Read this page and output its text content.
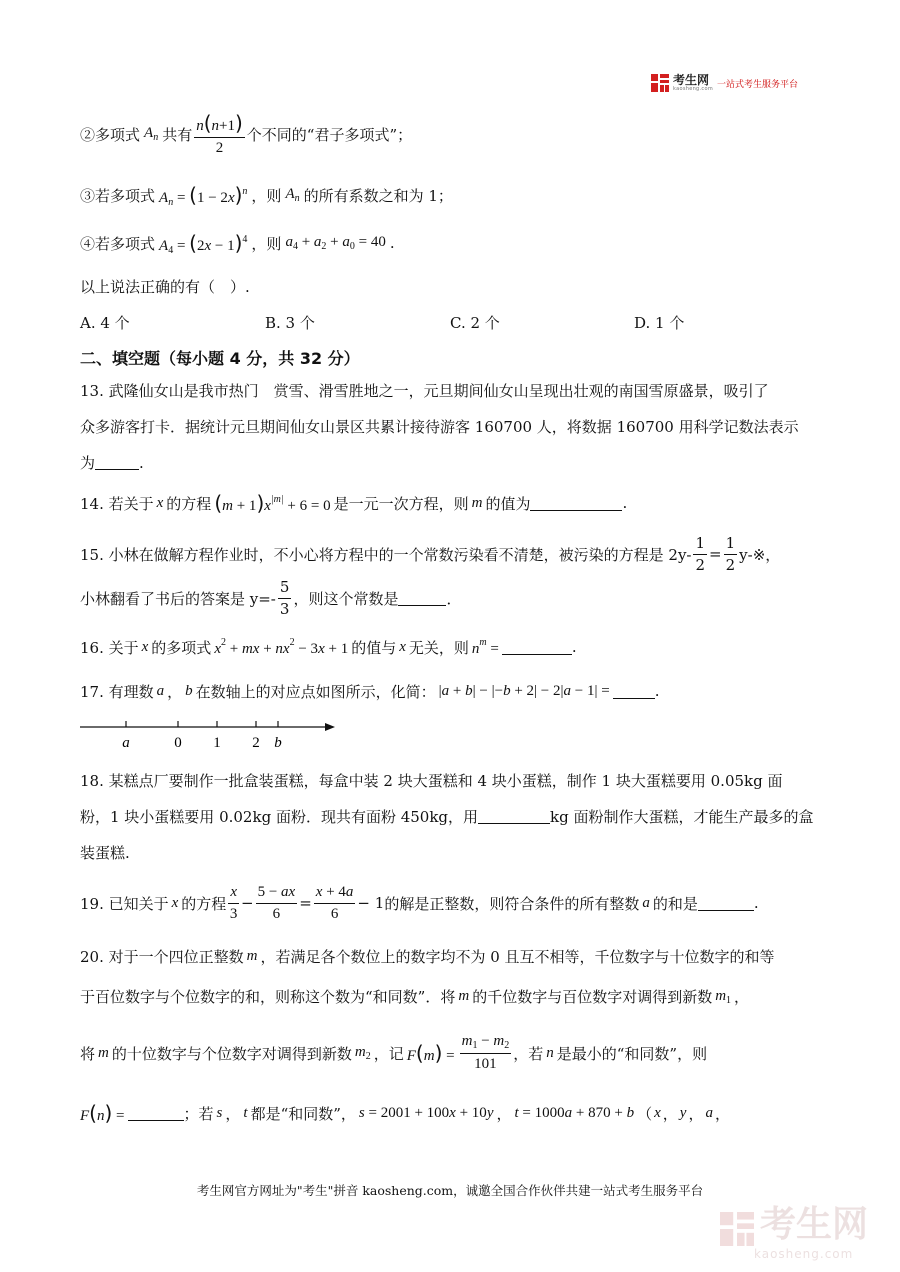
考生网
kaosheng.com 一站式考生服务平台
②多项式 $A_n$ 共有 $\frac{n(n+1)}{2}$ 个不同的“君子多项式”；
③若多项式 $A_n = (1 - 2x)^n$ ，则 $A_n$ 的所有系数之和为 1；
④若多项式 $A_4 = (2x - 1)^4$ ，则 $a_4 + a_2 + a_0 = 40$ .
以上说法正确的有（　）.
A. 4 个	B. 3 个	C. 2 个	D. 1 个
二、填空题（每小题 4 分，共 32 分）
13. 武隆仙女山是我市热门　赏雪、滑雪胜地之一，元旦期间仙女山呈现出壮观的南国雪原盛景，吸引了
众多游客打卡．据统计元旦期间仙女山景区共累计接待游客 160700 人，将数据 160700 用科学记数法表示
为	.
14. 若关于 x 的方程 $(m + 1)x^{|m|} + 6 = 0$ 是一元一次方程，则 m 的值为	.
15. 小林在做解方程作业时，不小心将方程中的一个常数污染看不清楚，被污染的方程是 $2y- \frac{1}{2} = \frac{1}{2}$ y-※，
小林翻看了书后的答案是 $y=- \frac{5}{3}$ ，则这个常数是	．
16. 关于 x 的多项式 $x^2$ + mx + $nx^2 - 3x + 1$ 的值与 x 无关，则 $n^m$ =	.
17. 有理数 a ， b 在数轴上的对应点如图所示，化简： |a + b| − |−b + 2| − 2|a − 1| =	.
a	0 1 2 b
18. 某糕点厂要制作一批盒装蛋糕，每盒中装 2 块大蛋糕和 4 块小蛋糕，制作 1 块大蛋糕要用 0.05kg 面
粉，1 块小蛋糕要用 0.02kg 面粉．现共有面粉 450kg，用	kg 面粉制作大蛋糕，才能生产最多的盒
装蛋糕.
19. 已知关于 x 的方程 $\frac{x}{3} - \frac{5 - ax}{6} = \frac{x + 4a}{6} - 1$ 的解是正整数，则符合条件的所有整数 a 的和是	.
20. 对于一个四位正整数 m ，若满足各个数位上的数字均不为 0 且互不相等，千位数字与十位数字的和等
于百位数字与个位数字的和，则称这个数为“和同数”．将 m 的千位数字与百位数字对调得到新数 $m_1$ ，
将 m 的十位数字与个位数字对调得到新数 $m_2$ ，记 $F(m) = \frac{m_1 - m_2}{101}$ ，若 n 是最小的“和同数”，则
F(n) =	；若 s ， t 都是“和同数”， s = 2001 + 100x + 10y ， t = 1000a + 870 + b （ x ， y ， a ，
考生网官方网址为"考生"拼音 kaosheng.com，诚邀全国合作伙伴共建一站式考生服务平台
考生网
kaosheng.com
